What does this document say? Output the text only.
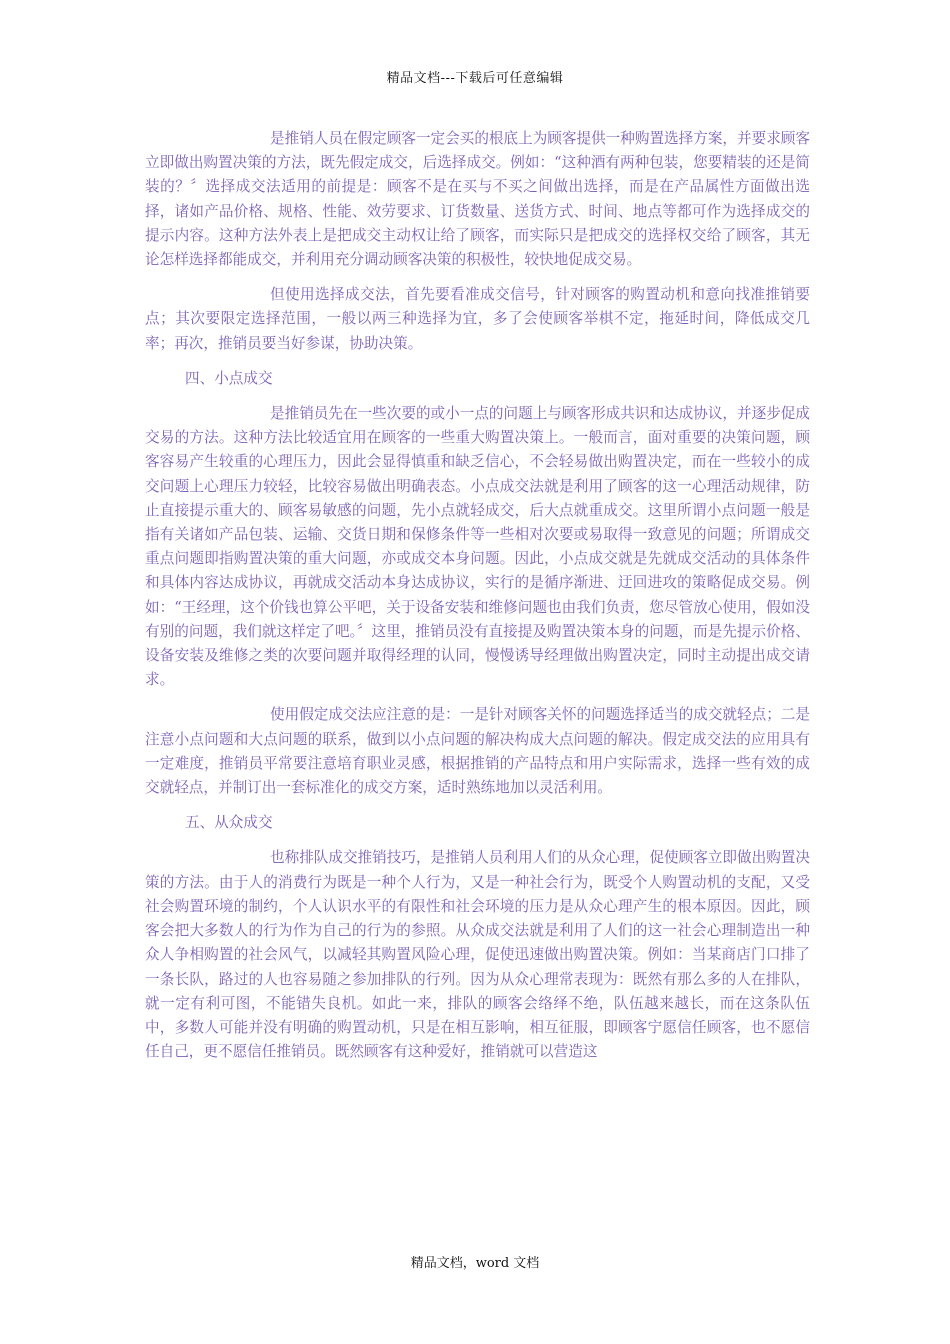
精品文档---下载后可任意编辑

是推销人员在假定顾客一定会买的根底上为顾客提供一种购置选择方案，并要求顾客立即做出购置决策的方法，既先假定成交，后选择成交。例如：“这种酒有两种包装，您要精装的还是简装的？〞选择成交法适用的前提是：顾客不是在买与不买之间做出选择，而是在产品属性方面做出选择，诸如产品价格、规格、性能、效劳要求、订货数量、送货方式、时间、地点等都可作为选择成交的提示内容。这种方法外表上是把成交主动权让给了顾客，而实际只是把成交的选择权交给了顾客，其无论怎样选择都能成交，并利用充分调动顾客决策的积极性，较快地促成交易。

但使用选择成交法，首先要看准成交信号，针对顾客的购置动机和意向找准推销要点；其次要限定选择范围，一般以两三种选择为宜，多了会使顾客举棋不定，拖延时间，降低成交几率；再次，推销员要当好参谋，协助决策。

四、小点成交

是推销员先在一些次要的或小一点的问题上与顾客形成共识和达成协议，并逐步促成交易的方法。这种方法比较适宜用在顾客的一些重大购置决策上。一般而言，面对重要的决策问题，顾客容易产生较重的心理压力，因此会显得慎重和缺乏信心，不会轻易做出购置决定，而在一些较小的成交问题上心理压力较轻，比较容易做出明确表态。小点成交法就是利用了顾客的这一心理活动规律，防止直接提示重大的、顾客易敏感的问题，先小点就轻成交，后大点就重成交。这里所谓小点问题一般是指有关诸如产品包装、运输、交货日期和保修条件等一些相对次要或易取得一致意见的问题；所谓成交重点问题即指购置决策的重大问题，亦或成交本身问题。因此，小点成交就是先就成交活动的具体条件和具体内容达成协议，再就成交活动本身达成协议，实行的是循序渐进、迂回进攻的策略促成交易。例如：“王经理，这个价钱也算公平吧，关于设备安装和维修问题也由我们负责，您尽管放心使用，假如没有别的问题，我们就这样定了吧。〞这里，推销员没有直接提及购置决策本身的问题，而是先提示价格、设备安装及维修之类的次要问题并取得经理的认同，慢慢诱导经理做出购置决定，同时主动提出成交请求。

使用假定成交法应注意的是：一是针对顾客关怀的问题选择适当的成交就轻点；二是注意小点问题和大点问题的联系，做到以小点问题的解决构成大点问题的解决。假定成交法的应用具有一定难度，推销员平常要注意培育职业灵感，根据推销的产品特点和用户实际需求，选择一些有效的成交就轻点，并制订出一套标准化的成交方案，适时熟练地加以灵活利用。

五、从众成交

也称排队成交推销技巧，是推销人员利用人们的从众心理，促使顾客立即做出购置决策的方法。由于人的消费行为既是一种个人行为，又是一种社会行为，既受个人购置动机的支配，又受社会购置环境的制约，个人认识水平的有限性和社会环境的压力是从众心理产生的根本原因。因此，顾客会把大多数人的行为作为自己的行为的参照。从众成交法就是利用了人们的这一社会心理制造出一种众人争相购置的社会风气，以减轻其购置风险心理，促使迅速做出购置决策。例如：当某商店门口排了一条长队，路过的人也容易随之参加排队的行列。因为从众心理常表现为：既然有那么多的人在排队，就一定有利可图，不能错失良机。如此一来，排队的顾客会络绎不绝，队伍越来越长，而在这条队伍中，多数人可能并没有明确的购置动机，只是在相互影响，相互征服，即顾客宁愿信任顾客，也不愿信任自己，更不愿信任推销员。既然顾客有这种爱好，推销就可以营造这

精品文档，word 文档
